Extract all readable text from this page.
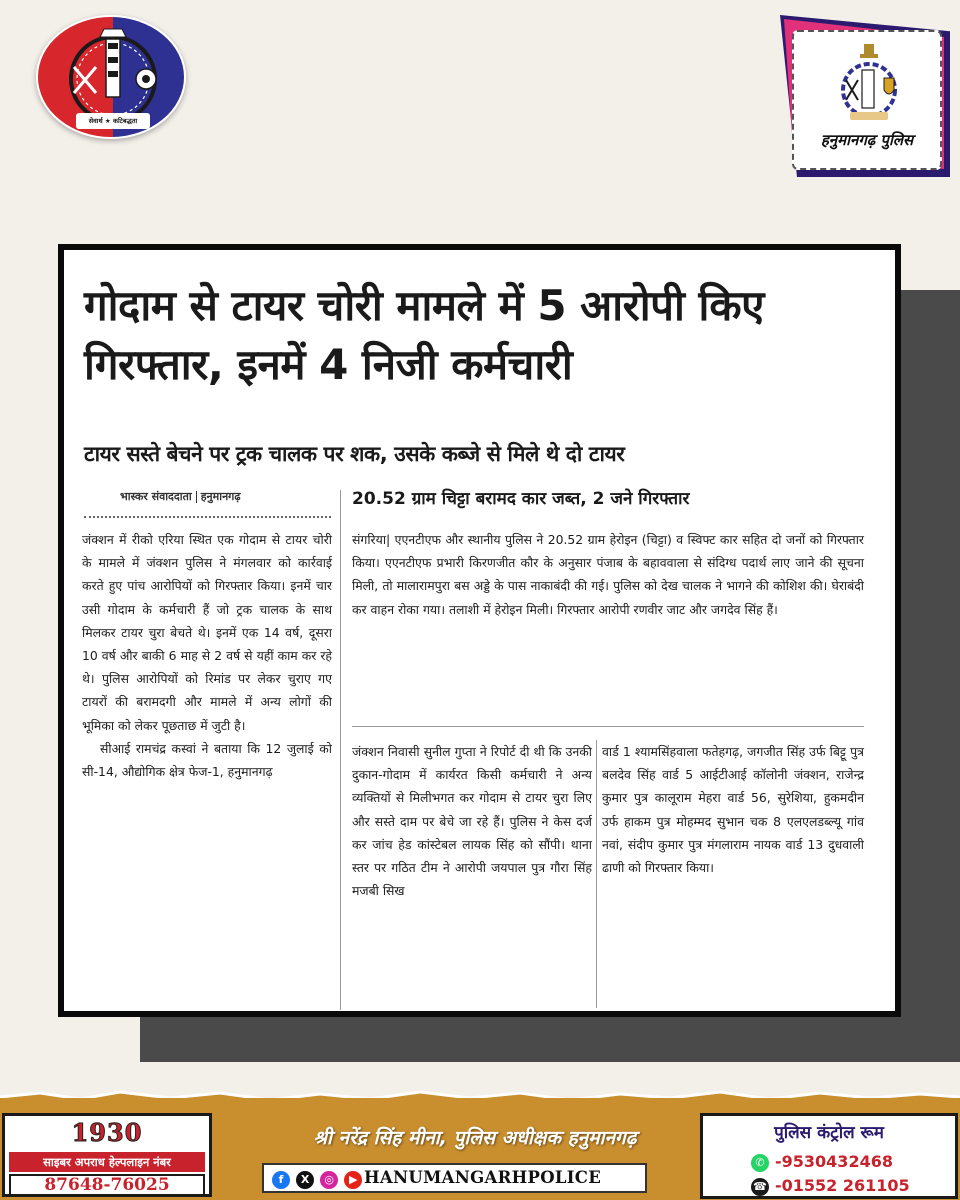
सेवार्थ ★ कटिबद्धता
हनुमानगढ़ पुलिस
गोदाम से टायर चोरी मामले में 5 आरोपी किए गिरफ्तार, इनमें 4 निजी कर्मचारी
टायर सस्ते बेचने पर ट्रक चालक पर शक, उसके कब्जे से मिले थे दो टायर
भास्कर संवाददाता हनुमानगढ़	20.52 ग्राम चिट्टा बरामद कार जब्त, 2 जने गिरफ्तार

जंक्शन में रीको एरिया स्थित एक गोदाम से टायर चोरी के मामले में जंक्शन पुलिस ने मंगलवार को कार्रवाई करते हुए पांच आरोपियों को गिरफ्तार किया। इनमें चार उसी गोदाम के कर्मचारी हैं जो ट्रक चालक के साथ मिलकर टायर चुरा बेचते थे। इनमें एक 14 वर्ष, दूसरा 10 वर्ष और बाकी 6 माह से 2 वर्ष से यहीं काम कर रहे थे। पुलिस आरोपियों को रिमांड पर लेकर चुराए गए टायरों की बरामदगी और मामले में अन्य लोगों की भूमिका को लेकर पूछताछ में जुटी है।

सीआई रामचंद्र कस्वां ने बताया कि 12 जुलाई को सी-14, औद्योगिक क्षेत्र फेज-1, हनुमानगढ़

संगरिया| एएनटीएफ और स्थानीय पुलिस ने 20.52 ग्राम हेरोइन (चिट्टा) व स्विफ्ट कार सहित दो जनों को गिरफ्तार किया। एएनटीएफ प्रभारी किरणजीत कौर के अनुसार पंजाब के बहाववाला से संदिग्ध पदार्थ लाए जाने की सूचना मिली, तो मालारामपुरा बस अड्डे के पास नाकाबंदी की गई। पुलिस को देख चालक ने भागने की कोशिश की। घेराबंदी कर वाहन रोका गया। तलाशी में हेरोइन मिली। गिरफ्तार आरोपी रणवीर जाट और जगदेव सिंह हैं।

जंक्शन निवासी सुनील गुप्ता ने रिपोर्ट दी थी कि उनकी दुकान-गोदाम में कार्यरत किसी कर्मचारी ने अन्य व्यक्तियों से मिलीभगत कर गोदाम से टायर चुरा लिए और सस्ते दाम पर बेचे जा रहे हैं। पुलिस ने केस दर्ज कर जांच हेड कांस्टेबल लायक सिंह को सौंपी। थाना स्तर पर गठित टीम ने आरोपी जयपाल पुत्र गौरा सिंह मजबी सिख

वार्ड 1 श्यामसिंहवाला फतेहगढ़, जगजीत सिंह उर्फ बिट्टू पुत्र बलदेव सिंह वार्ड 5 आईटीआई कॉलोनी जंक्शन, राजेन्द्र कुमार पुत्र कालूराम मेहरा वार्ड 56, सुरेशिया, हुकमदीन उर्फ हाकम पुत्र मोहम्मद सुभान चक 8 एलएलडब्ल्यू गांव नवां, संदीप कुमार पुत्र मंगलाराम नायक वार्ड 13 दुधवाली ढाणी को गिरफ्तार किया।

1930
साइबर अपराध हेल्पलाइन नंबर
87648-76025
श्री नरेंद्र सिंह मीना, पुलिस अधीक्षक हनुमानगढ़
f X ◎ ▶ HANUMANGARHPOLICE
पुलिस कंट्रोल रूम
✆ -9530432468
☎ -01552 261105
